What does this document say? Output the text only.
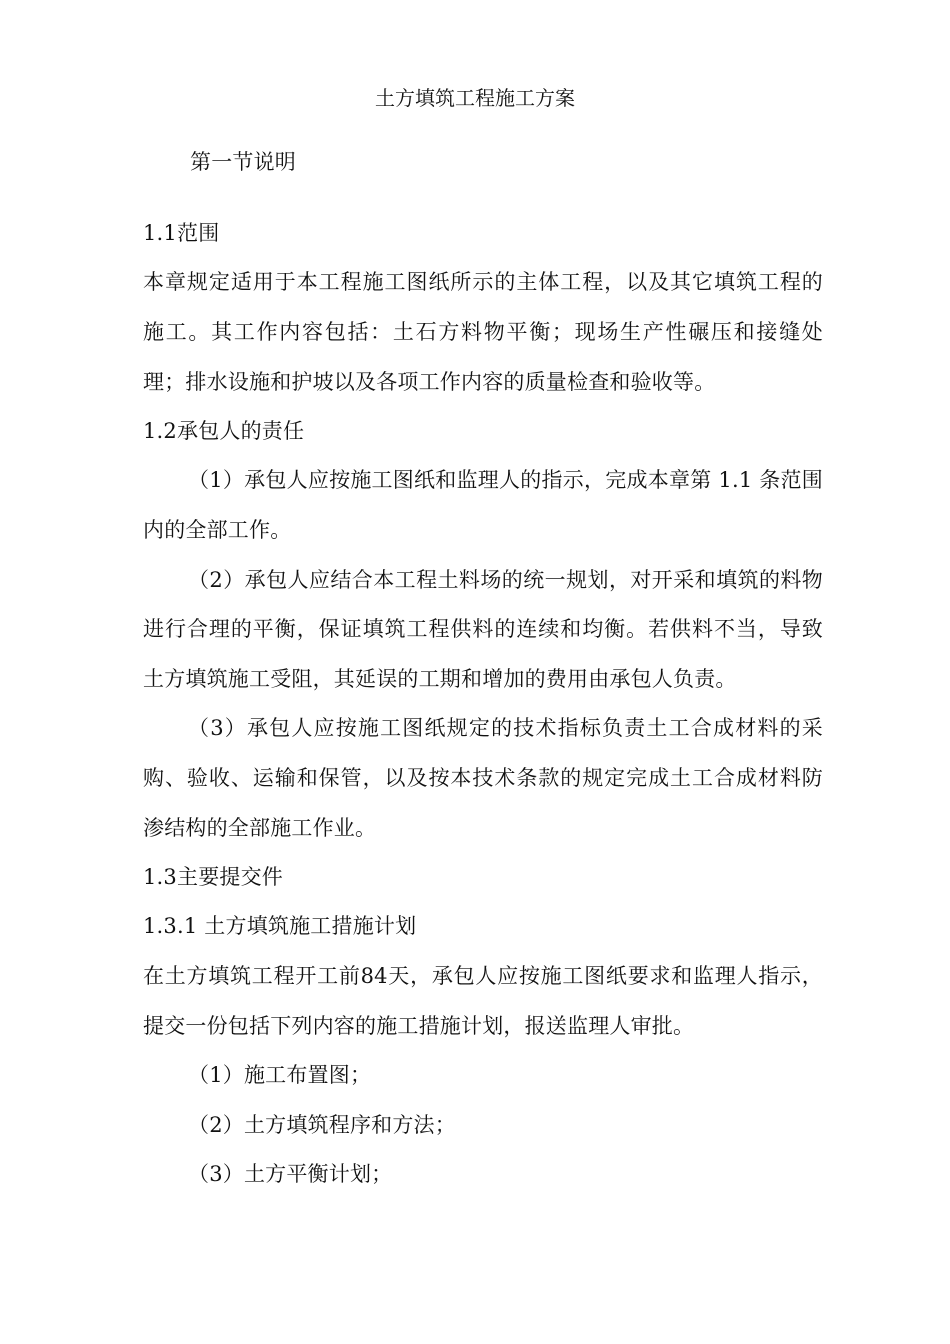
土方填筑工程施工方案
第一节说明
1.1范围
本章规定适用于本工程施工图纸所示的主体工程，以及其它填筑工程的
施工。其工作内容包括：土石方料物平衡；现场生产性碾压和接缝处
理；排水设施和护坡以及各项工作内容的质量检查和验收等。
1.2承包人的责任
（1）承包人应按施工图纸和监理人的指示，完成本章第 1.1 条范围
内的全部工作。
（2）承包人应结合本工程土料场的统一规划，对开采和填筑的料物
进行合理的平衡，保证填筑工程供料的连续和均衡。若供料不当，导致
土方填筑施工受阻，其延误的工期和增加的费用由承包人负责。
（3）承包人应按施工图纸规定的技术指标负责土工合成材料的采
购、验收、运输和保管，以及按本技术条款的规定完成土工合成材料防
渗结构的全部施工作业。
1.3主要提交件
1.3.1 土方填筑施工措施计划
在土方填筑工程开工前84天，承包人应按施工图纸要求和监理人指示，
提交一份包括下列内容的施工措施计划，报送监理人审批。
（1）施工布置图；
（2）土方填筑程序和方法；
（3）土方平衡计划；
